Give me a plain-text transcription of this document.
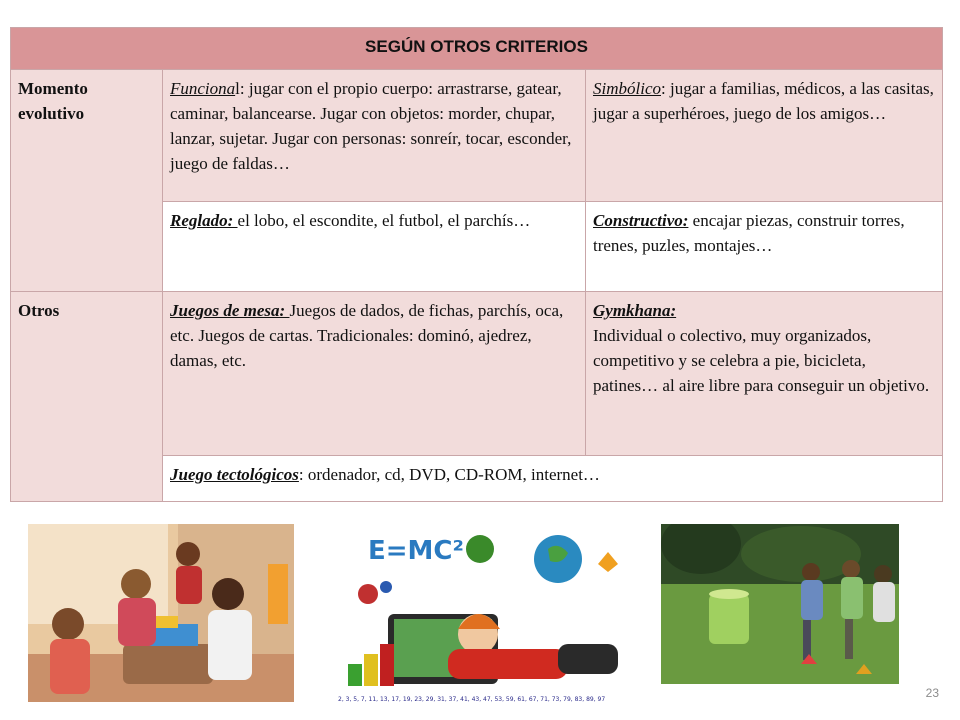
SEGÚN OTROS CRITERIOS		
Momento evolutivo	Funcional: jugar con el propio cuerpo: arrastrarse, gatear, caminar, balancearse. Jugar con objetos: morder, chupar, lanzar, sujetar. Jugar con personas: sonreír, tocar, esconder, juego de faldas…	Simbólico: jugar a familias, médicos, a las casitas, jugar a superhéroes, juego de los amigos…
	Reglado: el lobo, el escondite, el futbol, el parchís…	Constructivo: encajar piezas, construir torres, trenes, puzles, montajes…
Otros	Juegos de mesa: Juegos de dados, de fichas, parchís, oca, etc. Juegos de cartas. Tradicionales: dominó, ajedrez, damas, etc.	Gymkhana:
Individual o colectivo, muy organizados, competitivo y se celebra a pie, bicicleta, patines… al aire libre para conseguir un objetivo.
	Juego tectológicos: ordenador, cd, DVD, CD-ROM, internet…	
E=MC²
2, 3, 5, 7, 11, 13, 17, 19, 23, 29, 31, 37, 41, 43, 47, 53, 59, 61, 67, 71, 73, 79, 83, 89, 97	23
